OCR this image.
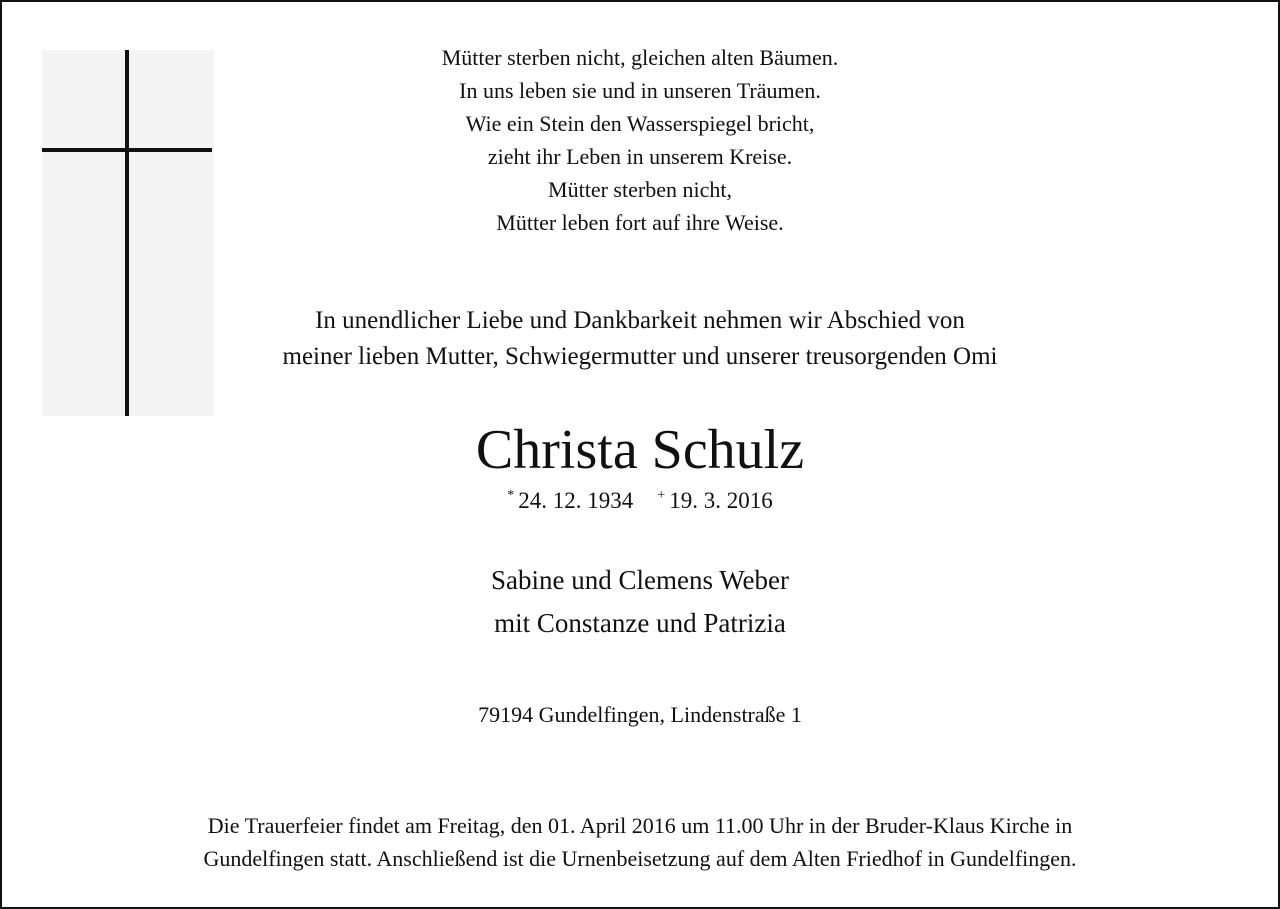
Mütter sterben nicht, gleichen alten Bäumen.
In uns leben sie und in unseren Träumen.
Wie ein Stein den Wasserspiegel bricht,
zieht ihr Leben in unserem Kreise.
Mütter sterben nicht,
Mütter leben fort auf ihre Weise.
In unendlicher Liebe und Dankbarkeit nehmen wir Abschied von
meiner lieben Mutter, Schwiegermutter und unserer treusorgenden Omi
Christa Schulz
* 24. 12. 1934 + 19. 3. 2016
Sabine und Clemens Weber
mit Constanze und Patrizia
79194 Gundelfingen, Lindenstraße 1
Die Trauerfeier findet am Freitag, den 01. April 2016 um 11.00 Uhr in der Bruder-Klaus Kirche in
Gundelfingen statt. Anschließend ist die Urnenbeisetzung auf dem Alten Friedhof in Gundelfingen.
